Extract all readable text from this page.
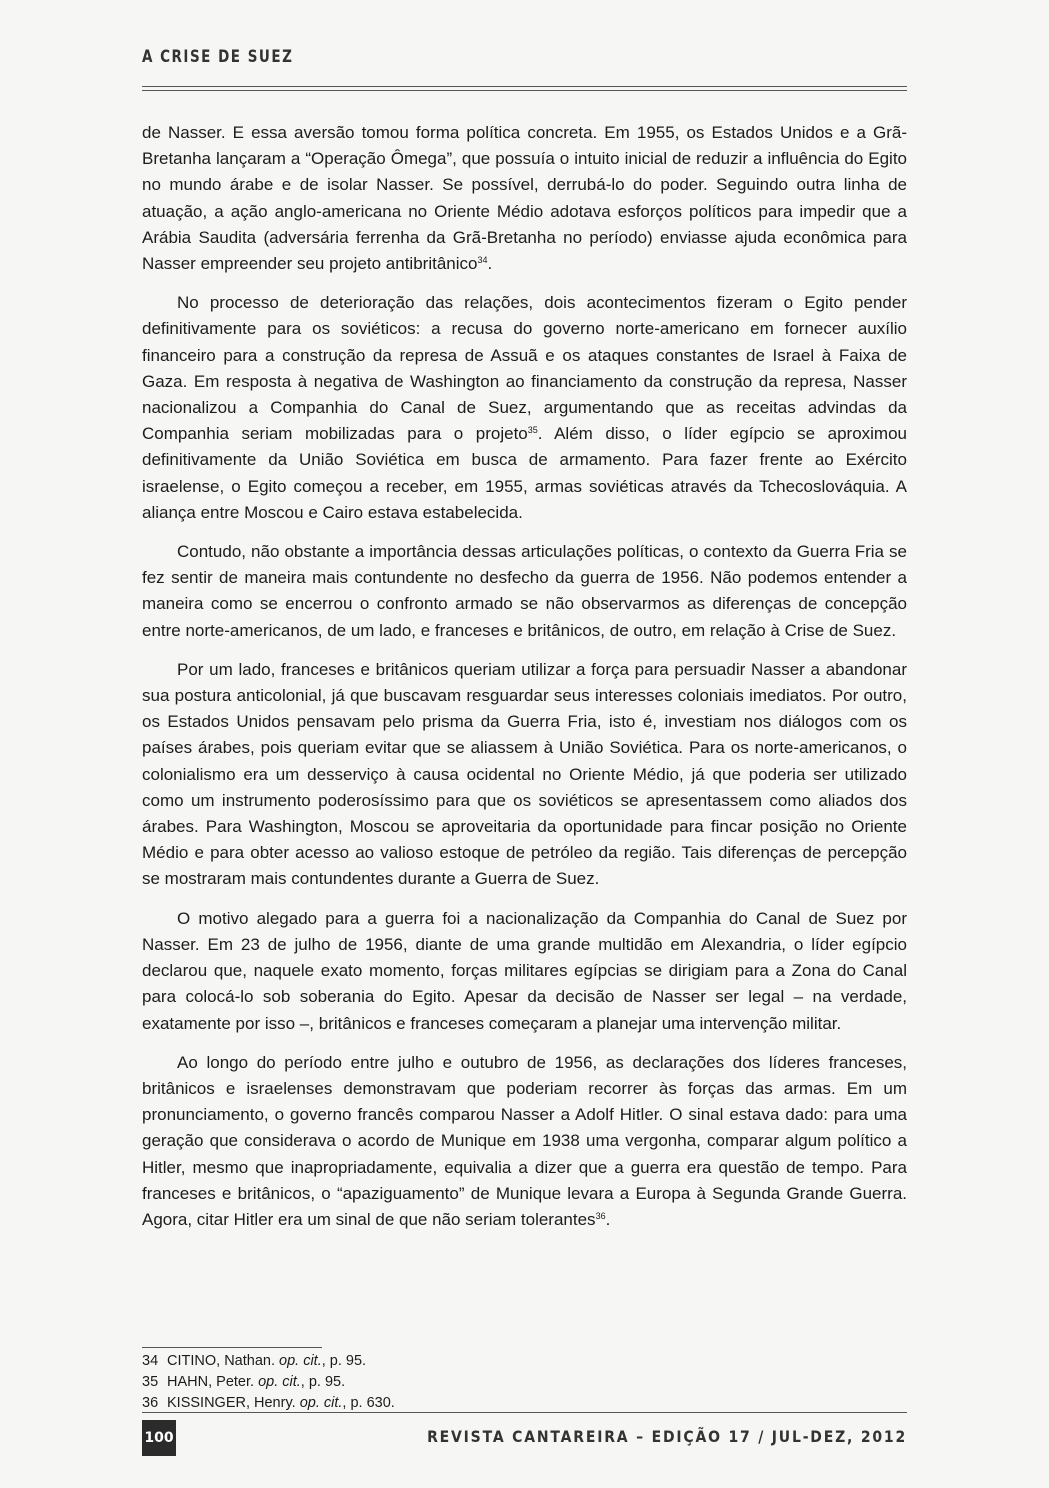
A CRISE DE SUEZ

de Nasser. E essa aversão tomou forma política concreta. Em 1955, os Estados Unidos e a Grã-Bretanha lançaram a “Operação Ômega”, que possuía o intuito inicial de reduzir a influência do Egito no mundo árabe e de isolar Nasser. Se possível, derrubá-lo do poder. Seguindo outra linha de atuação, a ação anglo-americana no Oriente Médio adotava esforços políticos para impedir que a Arábia Saudita (adversária ferrenha da Grã-Bretanha no período) enviasse ajuda econômica para Nasser empreender seu projeto antibritânico$^{34}$.

No processo de deterioração das relações, dois acontecimentos fizeram o Egito pender definitivamente para os soviéticos: a recusa do governo norte-americano em fornecer auxílio financeiro para a construção da represa de Assuã e os ataques constantes de Israel à Faixa de Gaza. Em resposta à negativa de Washington ao financiamento da construção da represa, Nasser nacionalizou a Companhia do Canal de Suez, argumentando que as receitas advindas da Companhia seriam mobilizadas para o projeto$^{35}$. Além disso, o líder egípcio se aproximou definitivamente da União Soviética em busca de armamento. Para fazer frente ao Exército israelense, o Egito começou a receber, em 1955, armas soviéticas através da Tchecoslováquia. A aliança entre Moscou e Cairo estava estabelecida.

Contudo, não obstante a importância dessas articulações políticas, o contexto da Guerra Fria se fez sentir de maneira mais contundente no desfecho da guerra de 1956. Não podemos entender a maneira como se encerrou o confronto armado se não observarmos as diferenças de concepção entre norte-americanos, de um lado, e franceses e britânicos, de outro, em relação à Crise de Suez.

Por um lado, franceses e britânicos queriam utilizar a força para persuadir Nasser a abandonar sua postura anticolonial, já que buscavam resguardar seus interesses coloniais imediatos. Por outro, os Estados Unidos pensavam pelo prisma da Guerra Fria, isto é, investiam nos diálogos com os países árabes, pois queriam evitar que se aliassem à União Soviética. Para os norte-americanos, o colonialismo era um desserviço à causa ocidental no Oriente Médio, já que poderia ser utilizado como um instrumento poderosíssimo para que os soviéticos se apresentassem como aliados dos árabes. Para Washington, Moscou se aproveitaria da oportunidade para fincar posição no Oriente Médio e para obter acesso ao valioso estoque de petróleo da região. Tais diferenças de percepção se mostraram mais contundentes durante a Guerra de Suez.

O motivo alegado para a guerra foi a nacionalização da Companhia do Canal de Suez por Nasser. Em 23 de julho de 1956, diante de uma grande multidão em Alexandria, o líder egípcio declarou que, naquele exato momento, forças militares egípcias se dirigiam para a Zona do Canal para colocá-lo sob soberania do Egito. Apesar da decisão de Nasser ser legal – na verdade, exatamente por isso –, britânicos e franceses começaram a planejar uma intervenção militar.

Ao longo do período entre julho e outubro de 1956, as declarações dos líderes franceses, britânicos e israelenses demonstravam que poderiam recorrer às forças das armas. Em um pronunciamento, o governo francês comparou Nasser a Adolf Hitler. O sinal estava dado: para uma geração que considerava o acordo de Munique em 1938 uma vergonha, comparar algum político a Hitler, mesmo que inapropriadamente, equivalia a dizer que a guerra era questão de tempo. Para franceses e britânicos, o “apaziguamento” de Munique levara a Europa à Segunda Grande Guerra. Agora, citar Hitler era um sinal de que não seriam tolerantes$^{36}$.

34 CITINO, Nathan. op. cit., p. 95.
35 HAHN, Peter. op. cit., p. 95.
36 KISSINGER, Henry. op. cit., p. 630.
100	REVISTA CANTAREIRA – EDIÇÃO 17 / JUL-DEZ, 2012
